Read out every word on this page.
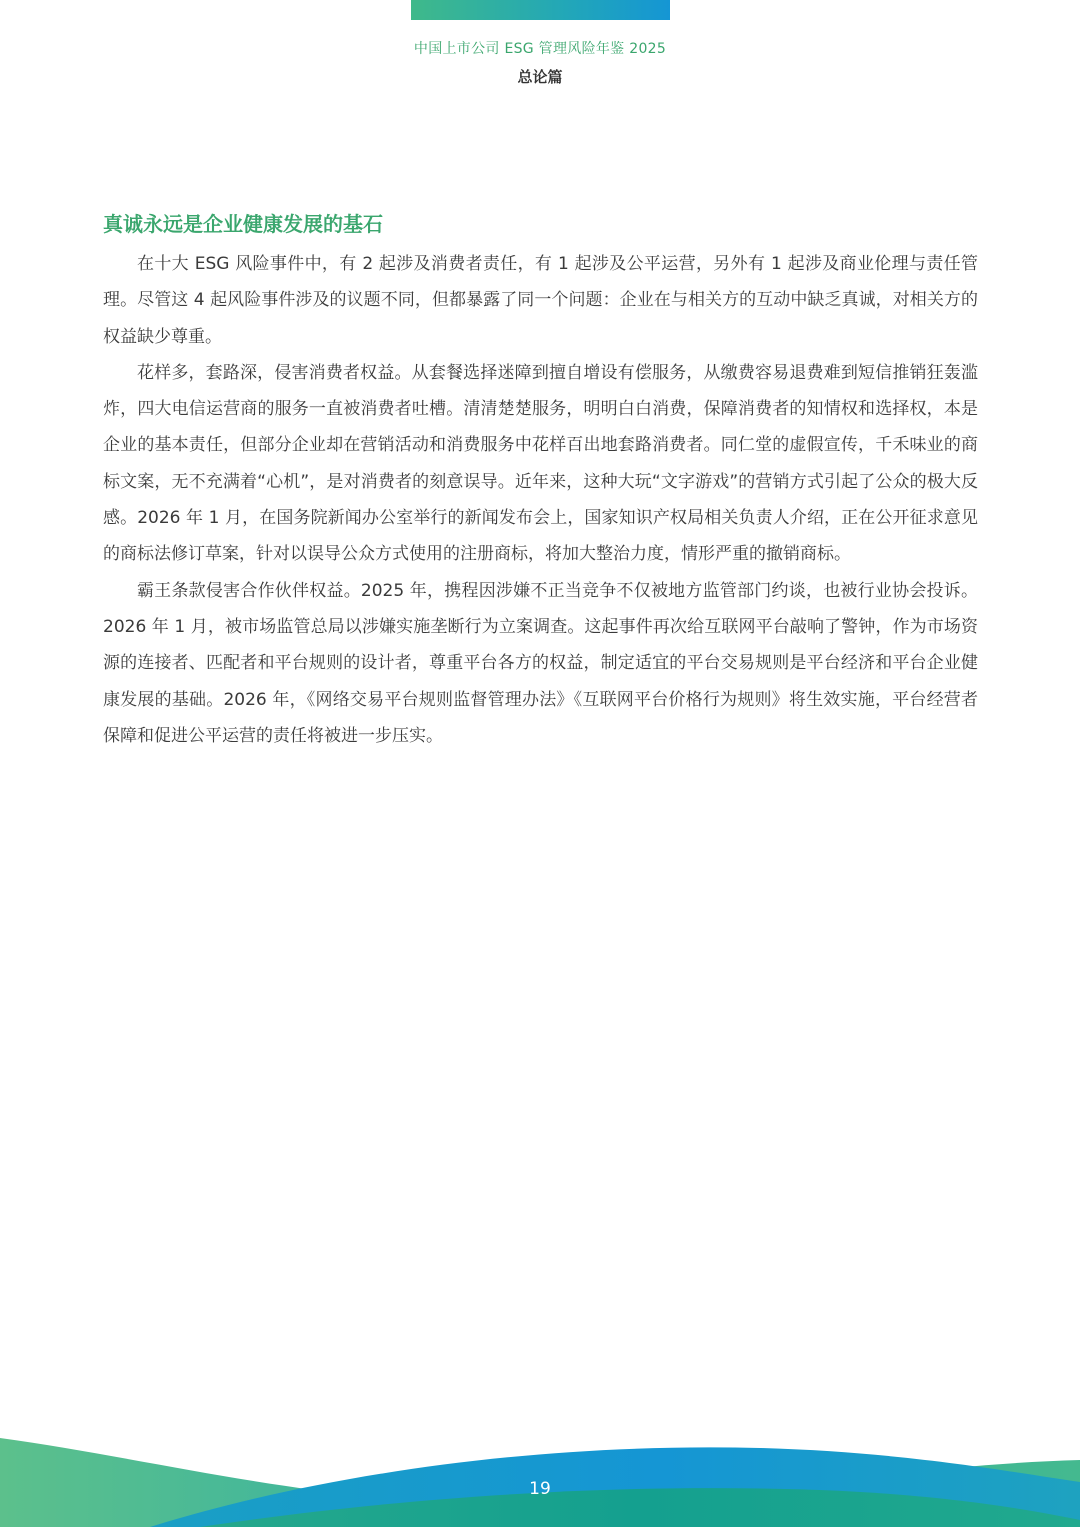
中国上市公司 ESG 管理风险年鉴 2025
总论篇
真诚永远是企业健康发展的基石

在十大 ESG 风险事件中，有 2 起涉及消费者责任，有 1 起涉及公平运营，另外有 1 起涉及商业伦理与责任管理。尽管这 4 起风险事件涉及的议题不同，但都暴露了同一个问题：企业在与相关方的互动中缺乏真诚，对相关方的权益缺少尊重。

花样多，套路深，侵害消费者权益。从套餐选择迷障到擅自增设有偿服务，从缴费容易退费难到短信推销狂轰滥炸，四大电信运营商的服务一直被消费者吐槽。清清楚楚服务，明明白白消费，保障消费者的知情权和选择权，本是企业的基本责任，但部分企业却在营销活动和消费服务中花样百出地套路消费者。同仁堂的虚假宣传，千禾味业的商标文案，无不充满着“心机”，是对消费者的刻意误导。近年来，这种大玩“文字游戏”的营销方式引起了公众的极大反感。2026 年 1 月，在国务院新闻办公室举行的新闻发布会上，国家知识产权局相关负责人介绍，正在公开征求意见的商标法修订草案，针对以误导公众方式使用的注册商标，将加大整治力度，情形严重的撤销商标。

霸王条款侵害合作伙伴权益。2025 年，携程因涉嫌不正当竞争不仅被地方监管部门约谈，也被行业协会投诉。2026 年 1 月，被市场监管总局以涉嫌实施垄断行为立案调查。这起事件再次给互联网平台敲响了警钟，作为市场资源的连接者、匹配者和平台规则的设计者，尊重平台各方的权益，制定适宜的平台交易规则是平台经济和平台企业健康发展的基础。2026 年，《网络交易平台规则监督管理办法》《互联网平台价格行为规则》将生效实施，平台经营者保障和促进公平运营的责任将被进一步压实。

19
